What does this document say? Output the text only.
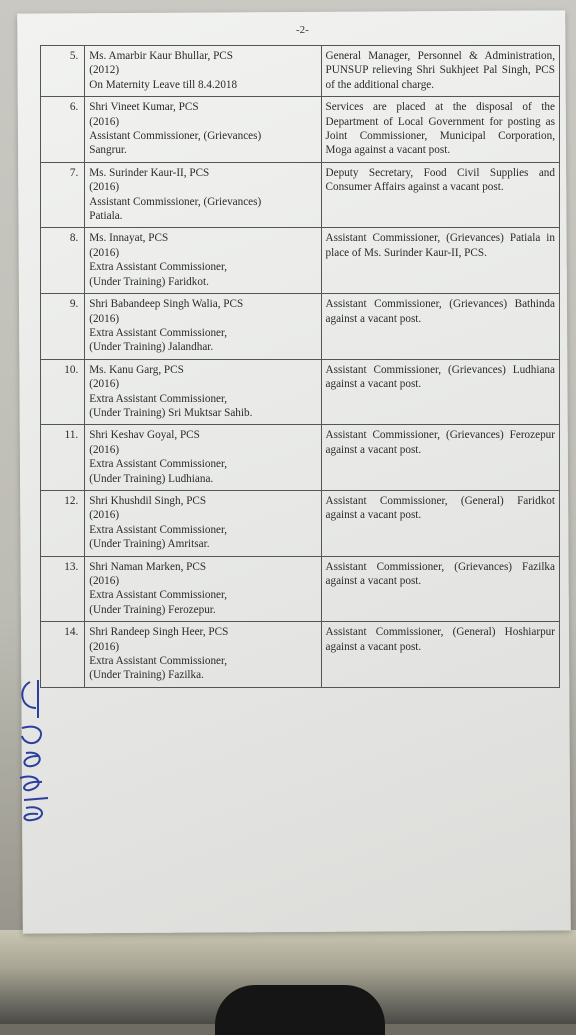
-2-
5.	Ms. Amarbir Kaur Bhullar, PCS
(2012)
On Maternity Leave till 8.4.2018	General Manager, Personnel & Administration, PUNSUP relieving Shri Sukhjeet Pal Singh, PCS of the additional charge.
6.	Shri Vineet Kumar, PCS
(2016)
Assistant Commissioner, (Grievances)
Sangrur.	Services are placed at the disposal of the Department of Local Government for posting as Joint Commissioner, Municipal Corporation, Moga against a vacant post.
7.	Ms. Surinder Kaur-II, PCS
(2016)
Assistant Commissioner, (Grievances)
Patiala.	Deputy Secretary, Food Civil Supplies and Consumer Affairs against a vacant post.
8.	Ms. Innayat, PCS
(2016)
Extra Assistant Commissioner,
(Under Training) Faridkot.	Assistant Commissioner, (Grievances) Patiala in place of Ms. Surinder Kaur-II, PCS.
9.	Shri Babandeep Singh Walia, PCS
(2016)
Extra Assistant Commissioner,
(Under Training) Jalandhar.	Assistant Commissioner, (Grievances) Bathinda against a vacant post.
10.	Ms. Kanu Garg, PCS
(2016)
Extra Assistant Commissioner,
(Under Training) Sri Muktsar Sahib.	Assistant Commissioner, (Grievances) Ludhiana against a vacant post.
11.	Shri Keshav Goyal, PCS
(2016)
Extra Assistant Commissioner,
(Under Training) Ludhiana.	Assistant Commissioner, (Grievances) Ferozepur against a vacant post.
12.	Shri Khushdil Singh, PCS
(2016)
Extra Assistant Commissioner,
(Under Training) Amritsar.	Assistant Commissioner, (General) Faridkot against a vacant post.
13.	Shri Naman Marken, PCS
(2016)
Extra Assistant Commissioner,
(Under Training) Ferozepur.	Assistant Commissioner, (Grievances) Fazilka against a vacant post.
14.	Shri Randeep Singh Heer, PCS
(2016)
Extra Assistant Commissioner,
(Under Training) Fazilka.	Assistant Commissioner, (General) Hoshiarpur against a vacant post.
